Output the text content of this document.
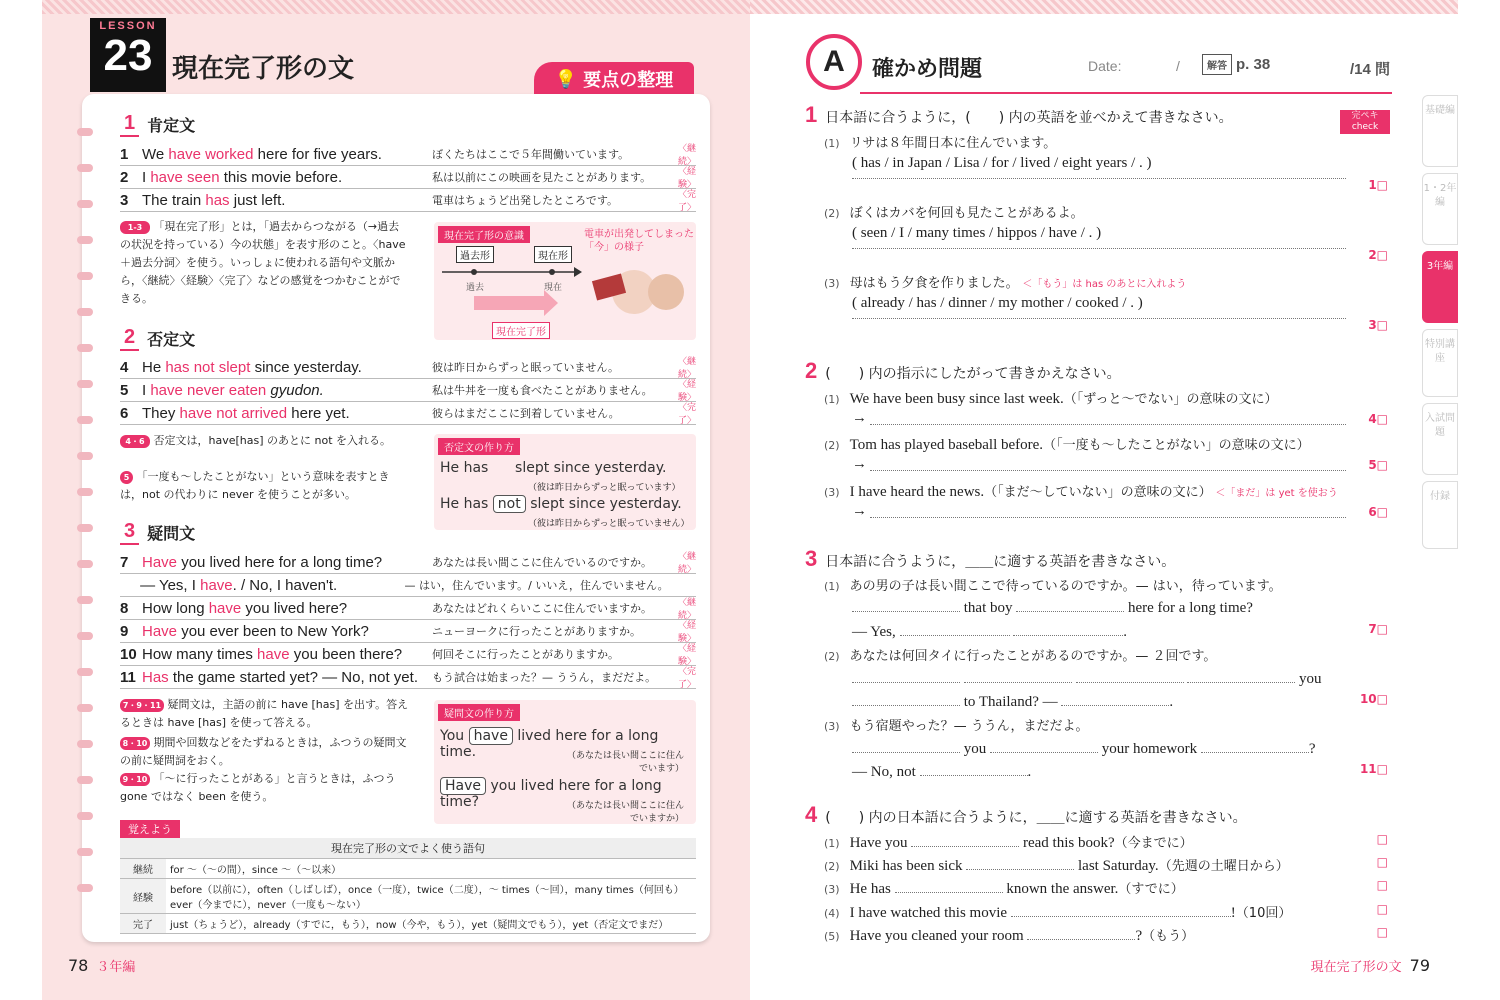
LESSON
23 現在完了形の文	💡 要点の整理
1 肯定文
1 We have worked here for five years.	ぼくたちはここで５年間働いています。	〈継続〉
2 I have seen this movie before.	私は以前にこの映画を見たことがあります。	〈経験〉
3 The train has just left.	電車はちょうど出発したところです。	〈完了〉
1-3 「現在完了形」とは，「過去からつながる（→過去の状況を持っている）今の状態」を表す形のこと。〈have＋過去分詞〉を使う。いっしょに使われる語句や文脈から，〈継続〉〈経験〉〈完了〉などの感覚をつかむことができる。
現在完了形の意識
過去形	現在形
過去	現在
現在完了形
電車が出発してしまった「今」の様子
2 否定文
4 He has not slept since yesterday.	彼は昨日からずっと眠っていません。	〈継続〉
5 I have never eaten gyudon.	私は牛丼を一度も食べたことがありません。	〈経験〉
6 They have not arrived here yet.	彼らはまだここに到着していません。	〈完了〉
4・6 否定文は，have[has] のあとに not を入れる。
5 「一度も〜したことがない」という意味を表すときは，not の代わりに never を使うことが多い。
否定文の作り方
He has slept since yesterday.
（彼は昨日からずっと眠っています）
He has not slept since yesterday.
（彼は昨日からずっと眠っていません）
3 疑問文
7 Have you lived here for a long time?	あなたは長い間ここに住んでいるのですか。	〈継続〉
— Yes, I have. / No, I haven't.	— はい，住んでいます。/ いいえ，住んでいません。
8 How long have you lived here?	あなたはどれくらいここに住んでいますか。	〈継続〉
9 Have you ever been to New York?	ニューヨークに行ったことがありますか。	〈経験〉
10 How many times have you been there?	何回そこに行ったことがありますか。	〈経験〉
11 Has the game started yet? — No, not yet.	もう試合は始まった？— ううん，まだだよ。	〈完了〉
7・9・11 疑問文は，主語の前に have [has] を出す。答えるときは have [has] を使って答える。
8・10 期間や回数などをたずねるときは，ふつうの疑問文の前に疑問詞をおく。
9・10 「〜に行ったことがある」と言うときは，ふつう gone ではなく been を使う。
疑問文の作り方
You have lived here for a long time.	（あなたは長い間ここに住んでいます）
Have you lived here for a long time?	（あなたは長い間ここに住んでいますか）
覚えよう
現在完了形の文でよく使う語句	
継続	for 〜（〜の間），since 〜（〜以来）
経験	before（以前に），often（しばしば），once（一度），twice（二度），〜 times（〜回），many times（何回も）
ever（今までに），never（一度も〜ない）

完了	just（ちょうど），already（すでに，もう），now（今や，もう），yet（疑問文でもう），yet（否定文でまだ）
78 ３年編
A	確かめ問題	Date:	/	解答 p. 38	/14 問
完ペキcheck
1 日本語に合うように，(　　) 内の英語を並べかえて書きなさい。
(1) リサは８年間日本に住んでいます。
( has / in Japan / Lisa / for / lived / eight years / . )
1□
(2) ぼくはカバを何回も見たことがあるよ。
( seen / I / many times / hippos / have / . )
2□
(3) 母はもう夕食を作りました。 ＜「もう」は has のあとに入れよう
( already / has / dinner / my mother / cooked / . )
3□
2 (　　) 内の指示にしたがって書きかえなさい。
(1) We have been busy since last week.（「ずっと〜でない」の意味の文に）
→	4□
(2) Tom has played baseball before.（「一度も〜したことがない」の意味の文に）
→	5□
(3) I have heard the news.（「まだ〜していない」の意味の文に） ＜「まだ」は yet を使おう
→	6□
3 日本語に合うように，＿＿に適する英語を書きなさい。
(1) あの男の子は長い間ここで待っているのですか。— はい，待っています。
that boy	here for a long time?
— Yes,	.	7□
(2) あなたは何回タイに行ったことがあるのですか。— ２回です。
you
to Thailand? —	.	10□
(3) もう宿題やった？— ううん，まだだよ。
you	your homework	?
— No, not	.	11□
4 (　　) 内の日本語に合うように，＿＿に適する英語を書きなさい。
(1) Have you	read this book?（今までに）	□
(2) Miki has been sick	last Saturday.（先週の土曜日から）	□
(3) He has	known the answer.（すでに）	□
(4) I have watched this movie	!（10回）	□
(5) Have you cleaned your room	?（もう）	□
現在完了形の文 79
基礎編
1・2年編
3年編
特別講座
入試問題
付録
